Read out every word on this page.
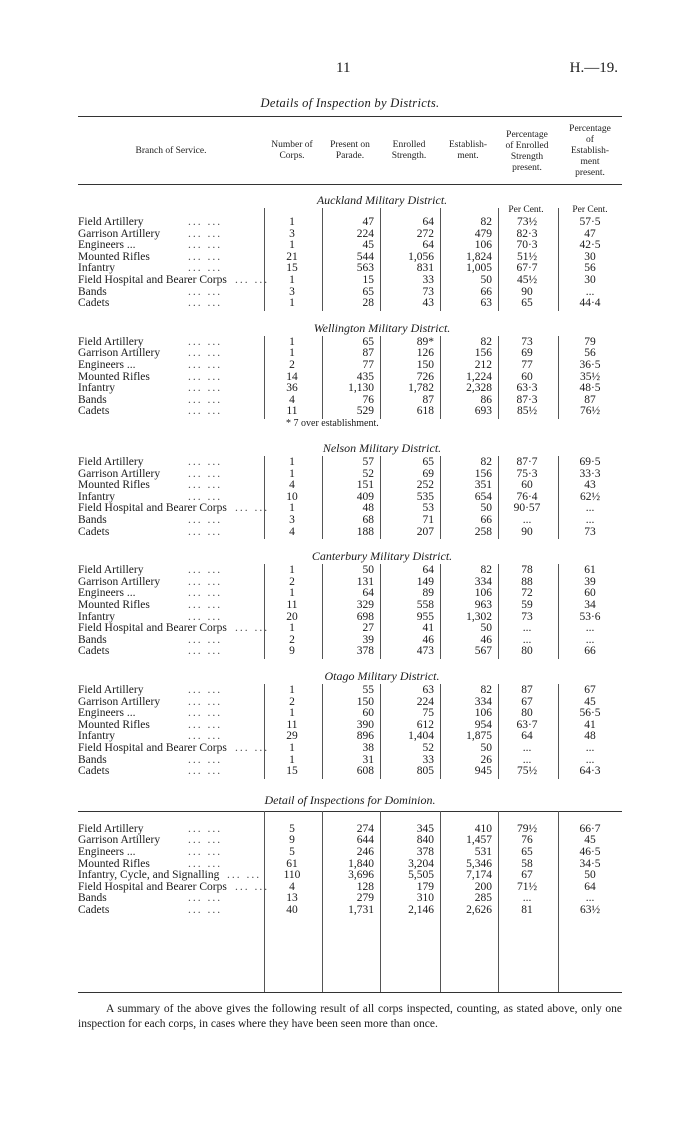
11	H.—19.
Details of Inspection by Districts.
Branch of Service.
Number of
Corps.
Present on
Parade.
Enrolled
Strength.
Establish-
ment.
Percentage
of Enrolled
Strength
present.
Percentage
of
Establish-
ment
present.
Auckland Military District.
Per Cent.	Per Cent.
Field Artillery	1	47	64	82	73½	57·5
... ...
Garrison Artillery	3	224	272	479	82·3	47
... ...
Engineers ...	1	45	64	106	70·3	42·5
... ...
Mounted Rifles	21	544	1,056	1,824	51½	30
... ...
Infantry	15	563	831	1,005	67·7	56
... ...
Field Hospital and Bearer Corps	1	15	33	50	45½	30
... ...
Bands	3	65	73	66	90	...
... ...
Cadets	1	28	43	63	65	44·4
... ...
Wellington Military District.
Field Artillery	1	65	89*	82	73	79
... ...
Garrison Artillery	1	87	126	156	69	56
... ...
Engineers ...	2	77	150	212	77	36·5
... ...
Mounted Rifles	14	435	726	1,224	60	35½
... ...
Infantry	36	1,130	1,782	2,328	63·3	48·5
... ...
Bands	4	76	87	86	87·3	87
... ...
Cadets	11	529	618	693	85½	76½
... ...
* 7 over establishment.
Nelson Military District.
Field Artillery	1	57	65	82	87·7	69·5
... ...
Garrison Artillery	1	52	69	156	75·3	33·3
... ...
Mounted Rifles	4	151	252	351	60	43
... ...
Infantry	10	409	535	654	76·4	62½
... ...
Field Hospital and Bearer Corps	1	48	53	50	90·57	...
... ...
Bands	3	68	71	66	...	...
... ...
Cadets	4	188	207	258	90	73
... ...
Canterbury Military District.
Field Artillery	1	50	64	82	78	61
... ...
Garrison Artillery	2	131	149	334	88	39
... ...
Engineers ...	1	64	89	106	72	60
... ...
Mounted Rifles	11	329	558	963	59	34
... ...
Infantry	20	698	955	1,302	73	53·6
... ...
Field Hospital and Bearer Corps	1	27	41	50	...	...
... ...
Bands	2	39	46	46	...	...
... ...
Cadets	9	378	473	567	80	66
... ...
Otago Military District.
Field Artillery	1	55	63	82	87	67
... ...
Garrison Artillery	2	150	224	334	67	45
... ...
Engineers ...	1	60	75	106	80	56·5
... ...
Mounted Rifles	11	390	612	954	63·7	41
... ...
Infantry	29	896	1,404	1,875	64	48
... ...
Field Hospital and Bearer Corps	1	38	52	50	...	...
... ...
Bands	1	31	33	26	...	...
... ...
Cadets	15	608	805	945	75½	64·3
... ...
Detail of Inspections for Dominion.
Field Artillery	5	274	345	410	79½	66·7
... ...
Garrison Artillery	9	644	840	1,457	76	45
... ...
Engineers ...	5	246	378	531	65	46·5
... ...
Mounted Rifles	61	1,840	3,204	5,346	58	34·5
... ...
Infantry, Cycle, and Signalling	110	3,696	5,505	7,174	67	50
... ...
Field Hospital and Bearer Corps	4	128	179	200	71½	64
... ...
Bands	13	279	310	285	...	...
... ...
Cadets	40	1,731	2,146	2,626	81	63½
... ...
A summary of the above gives the following result of all corps inspected, counting, as stated above, only one inspection for each corps, in cases where they have been seen more than once.
